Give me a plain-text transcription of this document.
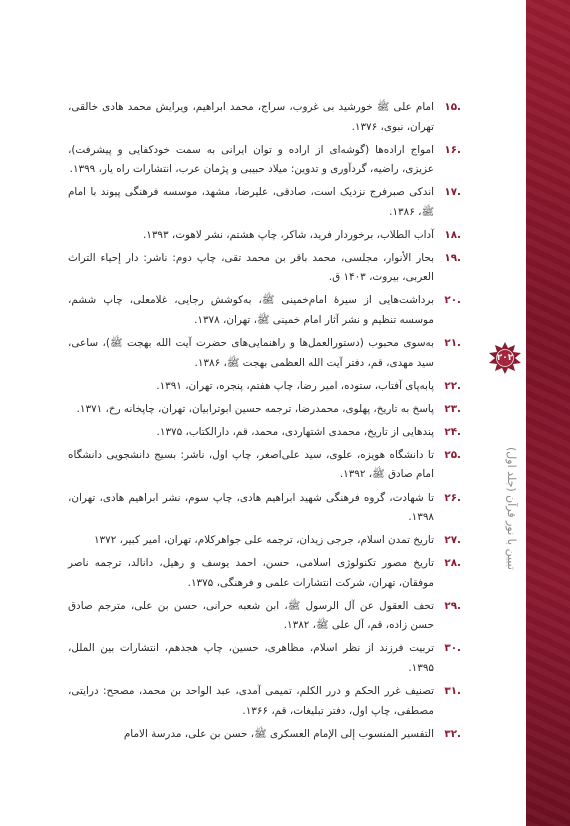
۲۰۲
تبیین با نور قرآن (جلد اول)
.۱۵
امام علی ﷺ خورشید بی غروب، سراج، محمد ابراهیم، ویرایش محمد هادی خالقی، تهران، نبوی، ۱۳۷۶.
.۱۶
امواج اراده‌ها (گوشه‌ای از اراده و توان ایرانی به سمت خودکفایی و پیشرفت)، عزیزی، راضیه، گردآوری و تدوین: میلاد حبیبی و پژمان عرب، انتشارات راه یار، ۱۳۹۹.
.۱۷
اندکی صبرفرج نزدیک است، صادقی، علیرضا، مشهد، موسسه فرهنگی پیوند با امام ﷺ، ۱۳۸۶.
.۱۸
آداب الطلاب، برخوردار فرید، شاکر، چاپ هشتم، نشر لاهوت، ۱۳۹۳.
.۱۹
بحار الأنوار، مجلسی، محمد باقر بن محمد تقی، چاپ دوم: ناشر: دار إحیاء التراث العربی، بیروت، ۱۴۰۳ ق.
.۲۰
برداشت‌هایی از سیرهٔ امام‌خمینی ﷺ، به‌کوشش رجایی، غلامعلی، چاپ ششم، موسسه تنظیم و نشر آثار امام خمینی ﷺ، تهران، ۱۳۷۸.
.۲۱
به‌سوی محبوب (دستورالعمل‌ها و راهنمایی‌های حضرت آیت الله بهجت ﷺ)، ساعی، سید مهدی، قم، دفتر آیت الله العظمی بهجت ﷺ، ۱۳۸۶.
.۲۲
پابه‌پای آفتاب، ستوده، امیر رضا، چاپ هفتم، پنجره، تهران، ۱۳۹۱.
.۲۳
پاسخ به تاریخ، پهلوی، محمدرضا، ترجمه حسین ابوترابیان، تهران، چاپخانه رخ، ۱۳۷۱.
.۲۴
پندهایی از تاریخ، محمدی اشتهاردی، محمد، قم، دارالکتاب، ۱۳۷۵.
.۲۵
تا دانشگاه هویزه، علوی، سید علی‌اصغر، چاپ اول، ناشر: بسیج دانشجویی دانشگاه امام صادق ﷺ، ۱۳۹۲.
.۲۶
تا شهادت، گروه فرهنگی شهید ابراهیم هادی، چاپ سوم، نشر ابراهیم هادی، تهران، ۱۳۹۸.
.۲۷
تاریخ تمدن اسلام، جرجی زیدان، ترجمه علی جواهرکلام، تهران، امیر کبیر، ۱۳۷۲
.۲۸
تاریخ مصور تکنولوژی اسلامی، حسن، احمد یوسف و رهیل، دانالد، ترجمه ناصر موفقان، تهران، شرکت انتشارات علمی و فرهنگی، ۱۳۷۵.
.۲۹
تحف العقول عن آل الرسول ﷺ، ابن شعبه حرانی، حسن بن علی، مترجم صادق حسن زاده، قم، آل علی ﷺ، ۱۳۸۲.
.۳۰
تربیت فرزند از نظر اسلام، مظاهری، حسین، چاپ هجدهم، انتشارات بین الملل، ۱۳۹۵.
.۳۱
تصنیف غرر الحکم و درر الکلم، تمیمی آمدی، عبد الواحد بن محمد، مصحح: درایتی، مصطفی، چاپ اول، دفتر تبلیغات، قم، ۱۳۶۶.
.۳۲
التفسیر المنسوب إلی الإمام العسکری ﷺ، حسن بن علی، مدرسة الامام
